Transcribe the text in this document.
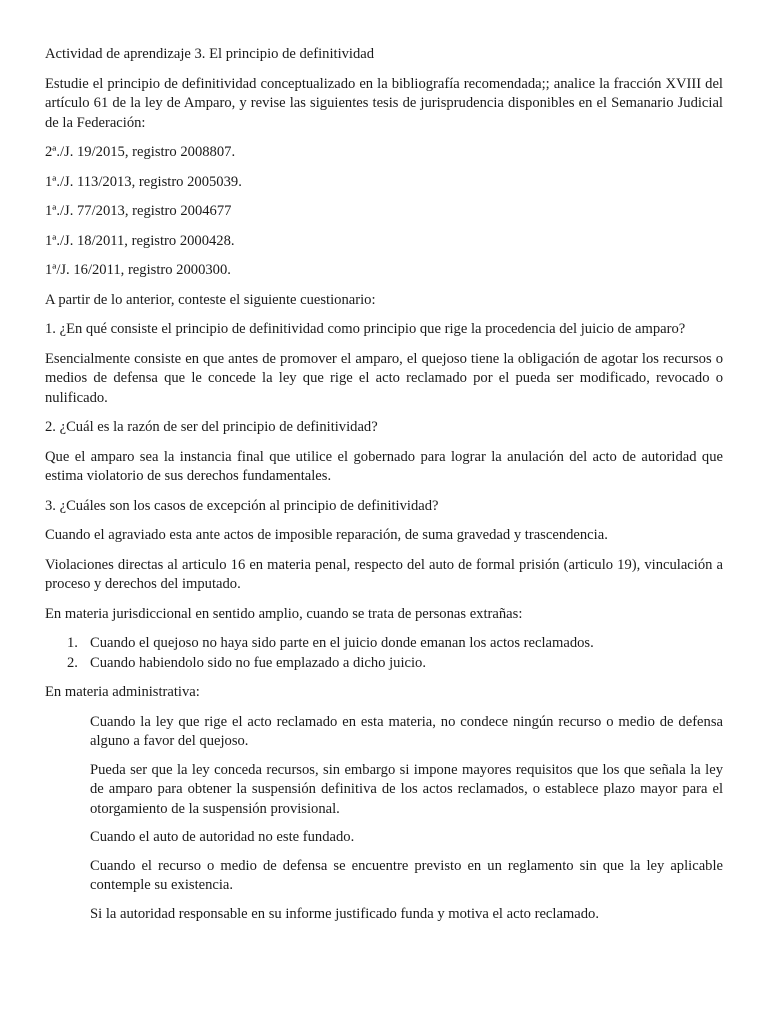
Actividad de aprendizaje 3. El principio de definitividad

Estudie el principio de definitividad conceptualizado en la bibliografía recomendada;; analice la fracción XVIII del artículo 61 de la ley de Amparo, y revise las siguientes tesis de jurisprudencia disponibles en el Semanario Judicial de la Federación:

2ª./J. 19/2015, registro 2008807.

1ª./J. 113/2013, registro 2005039.

1ª./J. 77/2013, registro 2004677

1ª./J. 18/2011, registro 2000428.

1ª/J. 16/2011, registro 2000300.

A partir de lo anterior, conteste el siguiente cuestionario:

1. ¿En qué consiste el principio de definitividad como principio que rige la procedencia del juicio de amparo?

Esencialmente consiste en que antes de promover el amparo, el quejoso tiene la obligación de agotar los recursos o medios de defensa que le concede la ley que rige el acto reclamado por el pueda ser modificado, revocado o nulificado.

2. ¿Cuál es la razón de ser del principio de definitividad?

Que el amparo sea la instancia final que utilice el gobernado para lograr la anulación del acto de autoridad que estima violatorio de sus derechos fundamentales.

3. ¿Cuáles son los casos de excepción al principio de definitividad?

Cuando el agraviado esta ante actos de imposible reparación, de suma gravedad y trascendencia.

Violaciones directas al articulo 16 en materia penal, respecto del auto de formal prisión (articulo 19), vinculación a proceso y derechos del imputado.

En materia jurisdiccional en sentido amplio, cuando se trata de personas extrañas:

1. Cuando el quejoso no haya sido parte en el juicio donde emanan los actos reclamados.
2. Cuando habiendolo sido no fue emplazado a dicho juicio.

En materia administrativa:

Cuando la ley que rige el acto reclamado en esta materia, no condece ningún recurso o medio de defensa alguno a favor del quejoso.

Pueda ser que la ley conceda recursos, sin embargo si impone mayores requisitos que los que señala la ley de amparo para obtener la suspensión definitiva de los actos reclamados, o establece plazo mayor para el otorgamiento de la suspensión provisional.

Cuando el auto de autoridad no este fundado.

Cuando el recurso o medio de defensa se encuentre previsto en un reglamento sin que la ley aplicable contemple su existencia.

Si la autoridad responsable en su informe justificado funda y motiva el acto reclamado.
